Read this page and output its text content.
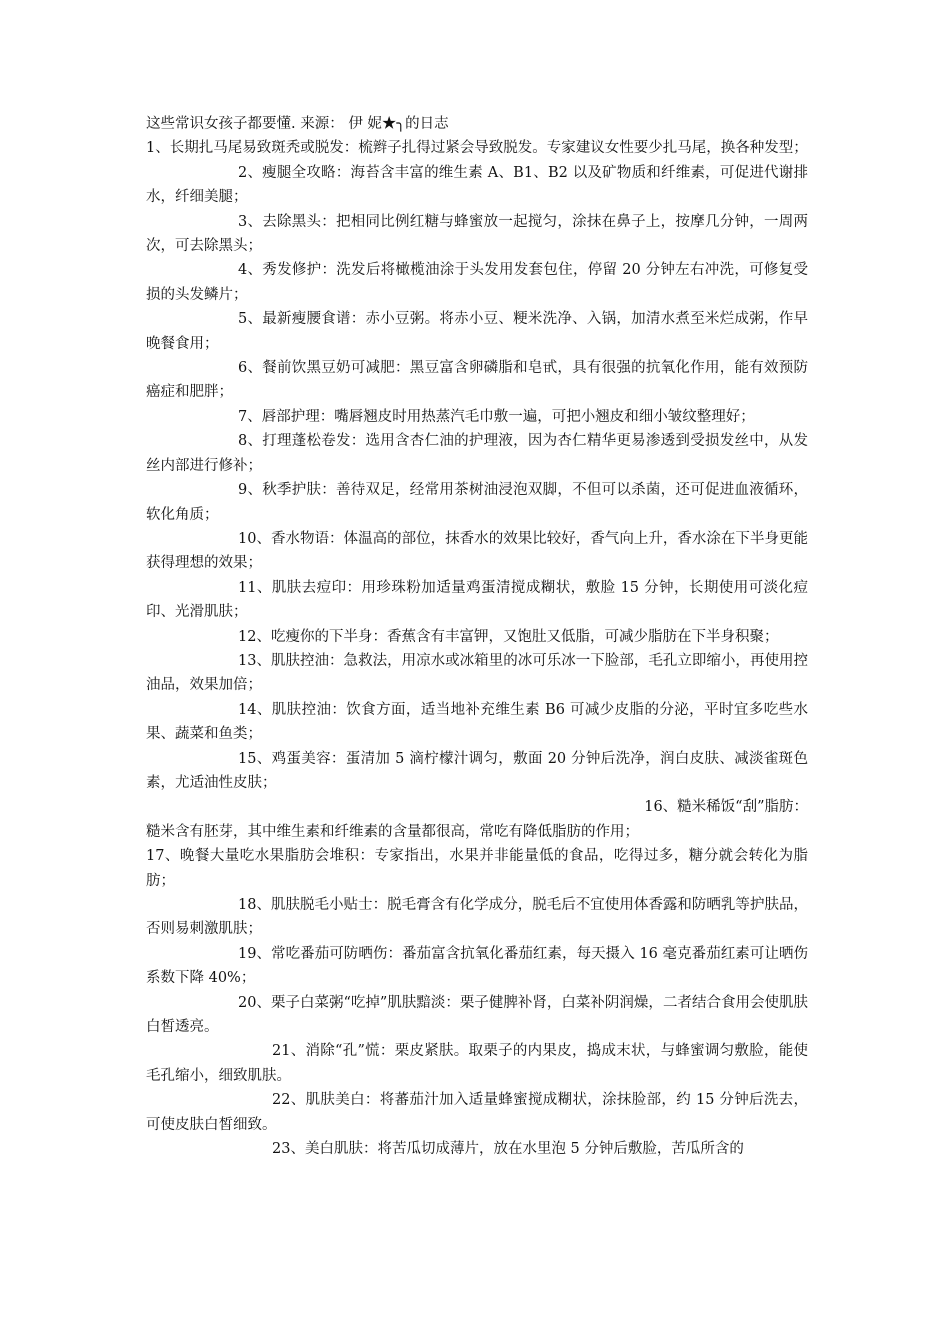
这些常识女孩子都要懂. 来源： 伊 妮★╮的日志

1、长期扎马尾易致斑秃或脱发：梳辫子扎得过紧会导致脱发。专家建议女性要少扎马尾，换各种发型；

2、瘦腿全攻略：海苔含丰富的维生素 A、B1、B2 以及矿物质和纤维素，可促进代谢排水，纤细美腿；

3、去除黑头：把相同比例红糖与蜂蜜放一起搅匀，涂抹在鼻子上，按摩几分钟，一周两次，可去除黑头；

4、秀发修护：洗发后将橄榄油涂于头发用发套包住，停留 20 分钟左右冲洗，可修复受损的头发鳞片；

5、最新瘦腰食谱：赤小豆粥。将赤小豆、粳米洗净、入锅，加清水煮至米烂成粥，作早晚餐食用；

6、餐前饮黑豆奶可减肥：黑豆富含卵磷脂和皂甙，具有很强的抗氧化作用，能有效预防癌症和肥胖；

7、唇部护理：嘴唇翘皮时用热蒸汽毛巾敷一遍，可把小翘皮和细小皱纹整理好；

8、打理蓬松卷发：选用含杏仁油的护理液，因为杏仁精华更易渗透到受损发丝中，从发丝内部进行修补；

9、秋季护肤：善待双足，经常用茶树油浸泡双脚，不但可以杀菌，还可促进血液循环，软化角质；

10、香水物语：体温高的部位，抹香水的效果比较好，香气向上升，香水涂在下半身更能获得理想的效果；

11、肌肤去痘印：用珍珠粉加适量鸡蛋清搅成糊状，敷脸 15 分钟，长期使用可淡化痘印、光滑肌肤；

12、吃瘦你的下半身：香蕉含有丰富钾，又饱肚又低脂，可减少脂肪在下半身积聚；

13、肌肤控油：急救法，用凉水或冰箱里的冰可乐冰一下脸部，毛孔立即缩小，再使用控油品，效果加倍；

14、肌肤控油：饮食方面，适当地补充维生素 B6 可减少皮脂的分泌，平时宜多吃些水果、蔬菜和鱼类；

15、鸡蛋美容：蛋清加 5 滴柠檬汁调匀，敷面 20 分钟后洗净，润白皮肤、减淡雀斑色素，尤适油性皮肤；

16、糙米稀饭“刮”脂肪：

糙米含有胚芽，其中维生素和纤维素的含量都很高，常吃有降低脂肪的作用；

17、晚餐大量吃水果脂肪会堆积：专家指出，水果并非能量低的食品，吃得过多，糖分就会转化为脂肪；

18、肌肤脱毛小贴士：脱毛膏含有化学成分，脱毛后不宜使用体香露和防晒乳等护肤品，否则易刺激肌肤；

19、常吃番茄可防晒伤：番茄富含抗氧化番茄红素，每天摄入 16 毫克番茄红素可让晒伤系数下降 40%；

20、栗子白菜粥“吃掉”肌肤黯淡：栗子健脾补肾，白菜补阴润燥，二者结合食用会使肌肤白皙透亮。

21、消除“孔”慌：栗皮紧肤。取栗子的内果皮，捣成末状，与蜂蜜调匀敷脸，能使毛孔缩小，细致肌肤。

22、肌肤美白：将蕃茄汁加入适量蜂蜜搅成糊状，涂抹脸部，约 15 分钟后洗去，可使皮肤白皙细致。

23、美白肌肤：将苦瓜切成薄片，放在水里泡 5 分钟后敷脸，苦瓜所含的
